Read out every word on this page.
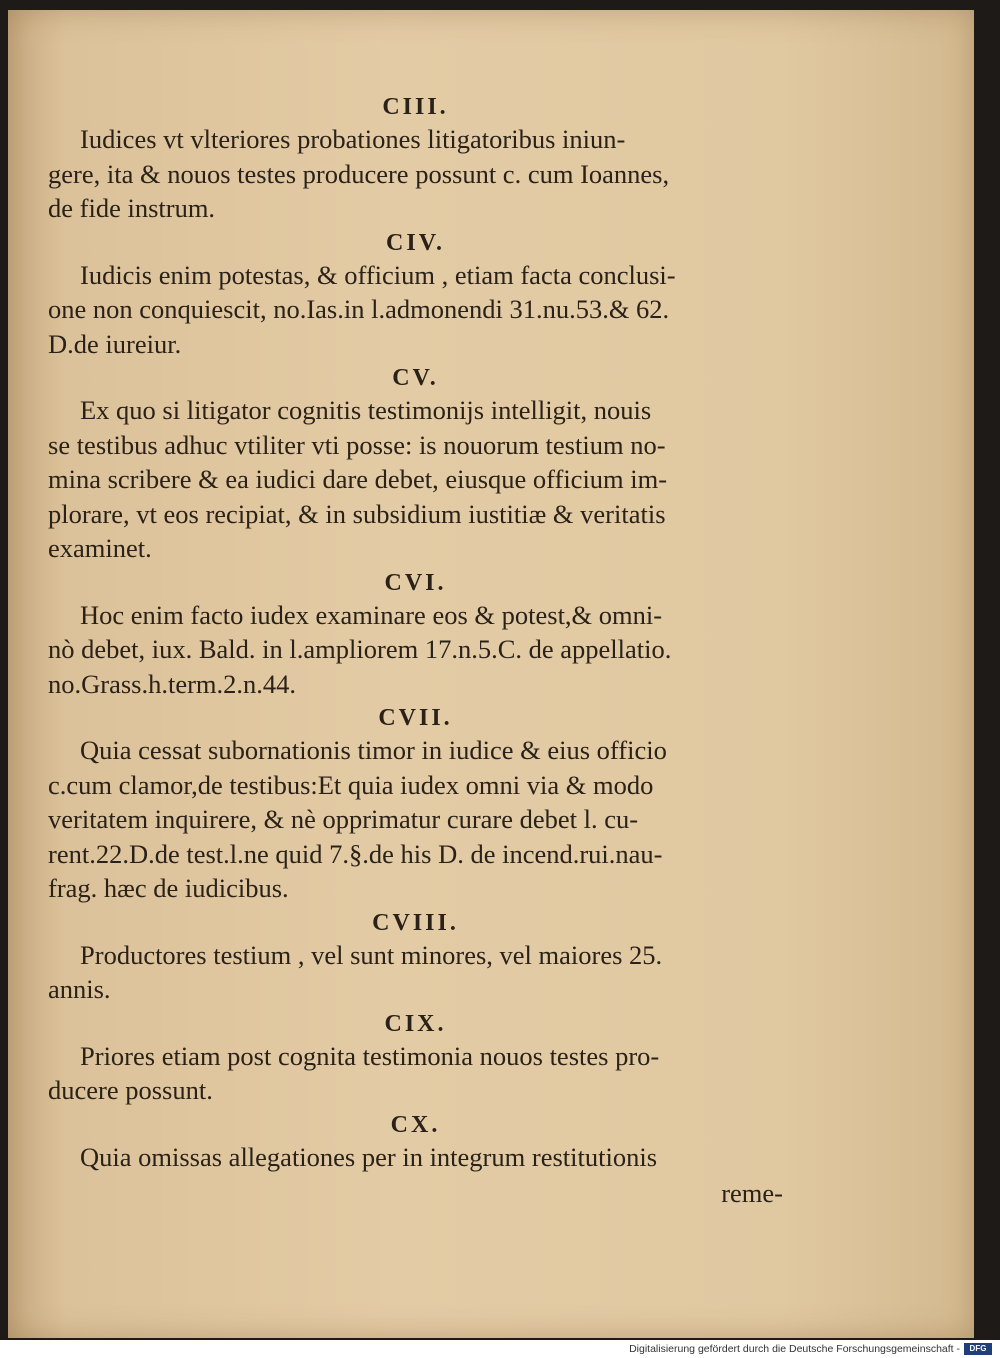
CIII.
Iudices vt vlteriores probationes litigatoribus iniun-
gere, ita & nouos testes producere possunt c. cum Ioannes,
de fide instrum.
CIV.
Iudicis enim potestas, & officium , etiam facta conclusi-
one non conquiescit, no.Ias.in l.admonendi 31.nu.53.& 62.
D.de iureiur.
CV.
Ex quo si litigator cognitis testimonijs intelligit, nouis
se testibus adhuc vtiliter vti posse: is nouorum testium no-
mina scribere & ea iudici dare debet, eiusque officium im-
plorare, vt eos recipiat, & in subsidium iustitiæ & veritatis
examinet.
CVI.
Hoc enim facto iudex examinare eos & potest,& omni-
nò debet, iux. Bald. in l.ampliorem 17.n.5.C. de appellatio.
no.Grass.h.term.2.n.44.
CVII.
Quia cessat subornationis timor in iudice & eius officio
c.cum clamor,de testibus:Et quia iudex omni via & modo
veritatem inquirere, & nè opprimatur curare debet l. cu-
rent.22.D.de test.l.ne quid 7.§.de his D. de incend.rui.nau-
frag. hæc de iudicibus.
CVIII.
Productores testium , vel sunt minores, vel maiores 25.
annis.
CIX.
Priores etiam post cognita testimonia nouos testes pro-
ducere possunt.
CX.
Quia omissas allegationes per in integrum restitutionis
reme-
Digitalisierung gefördert durch die Deutsche Forschungsgemeinschaft -	DFG
